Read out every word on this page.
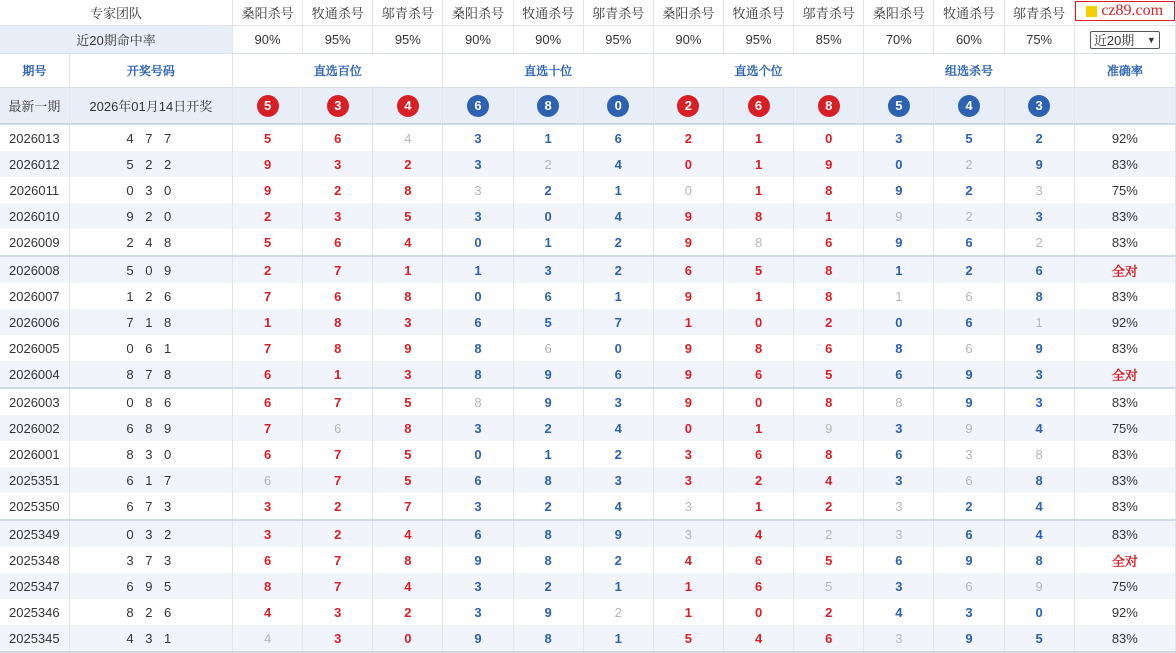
专家团队		桑阳杀号	牧通杀号	邬青杀号	桑阳杀号	牧通杀号	邬青杀号	桑阳杀号	牧通杀号	邬青杀号	桑阳杀号	牧通杀号	邬青杀号	cz89.com

近20期命中率		90%	95%	95%	90%	90%	95%	90%	95%	85%	70%	60%	75%	近20期 ▼

期号	开奖号码	直选百位			直选十位			直选个位			组选杀号			准确率
最新一期	2026年01月14日开奖	5	3	4	6	8	0	2	6	8	5	4	3	
2026013	4 7 7	5	6	4	3	1	6	2	1	0	3	5	2	92%
2026012	5 2 2	9	3	2	3	2	4	0	1	9	0	2	9	83%
2026011	0 3 0	9	2	8	3	2	1	0	1	8	9	2	3	75%
2026010	9 2 0	2	3	5	3	0	4	9	8	1	9	2	3	83%
2026009	2 4 8	5	6	4	0	1	2	9	8	6	9	6	2	83%
2026008	5 0 9	2	7	1	1	3	2	6	5	8	1	2	6	全对
2026007	1 2 6	7	6	8	0	6	1	9	1	8	1	6	8	83%
2026006	7 1 8	1	8	3	6	5	7	1	0	2	0	6	1	92%
2026005	0 6 1	7	8	9	8	6	0	9	8	6	8	6	9	83%
2026004	8 7 8	6	1	3	8	9	6	9	6	5	6	9	3	全对
2026003	0 8 6	6	7	5	8	9	3	9	0	8	8	9	3	83%
2026002	6 8 9	7	6	8	3	2	4	0	1	9	3	9	4	75%
2026001	8 3 0	6	7	5	0	1	2	3	6	8	6	3	8	83%
2025351	6 1 7	6	7	5	6	8	3	3	2	4	3	6	8	83%
2025350	6 7 3	3	2	7	3	2	4	3	1	2	3	2	4	83%
2025349	0 3 2	3	2	4	6	8	9	3	4	2	3	6	4	83%
2025348	3 7 3	6	7	8	9	8	2	4	6	5	6	9	8	全对
2025347	6 9 5	8	7	4	3	2	1	1	6	5	3	6	9	75%
2025346	8 2 6	4	3	2	3	9	2	1	0	2	4	3	0	92%
2025345	4 3 1	4	3	0	9	8	1	5	4	6	3	9	5	83%
